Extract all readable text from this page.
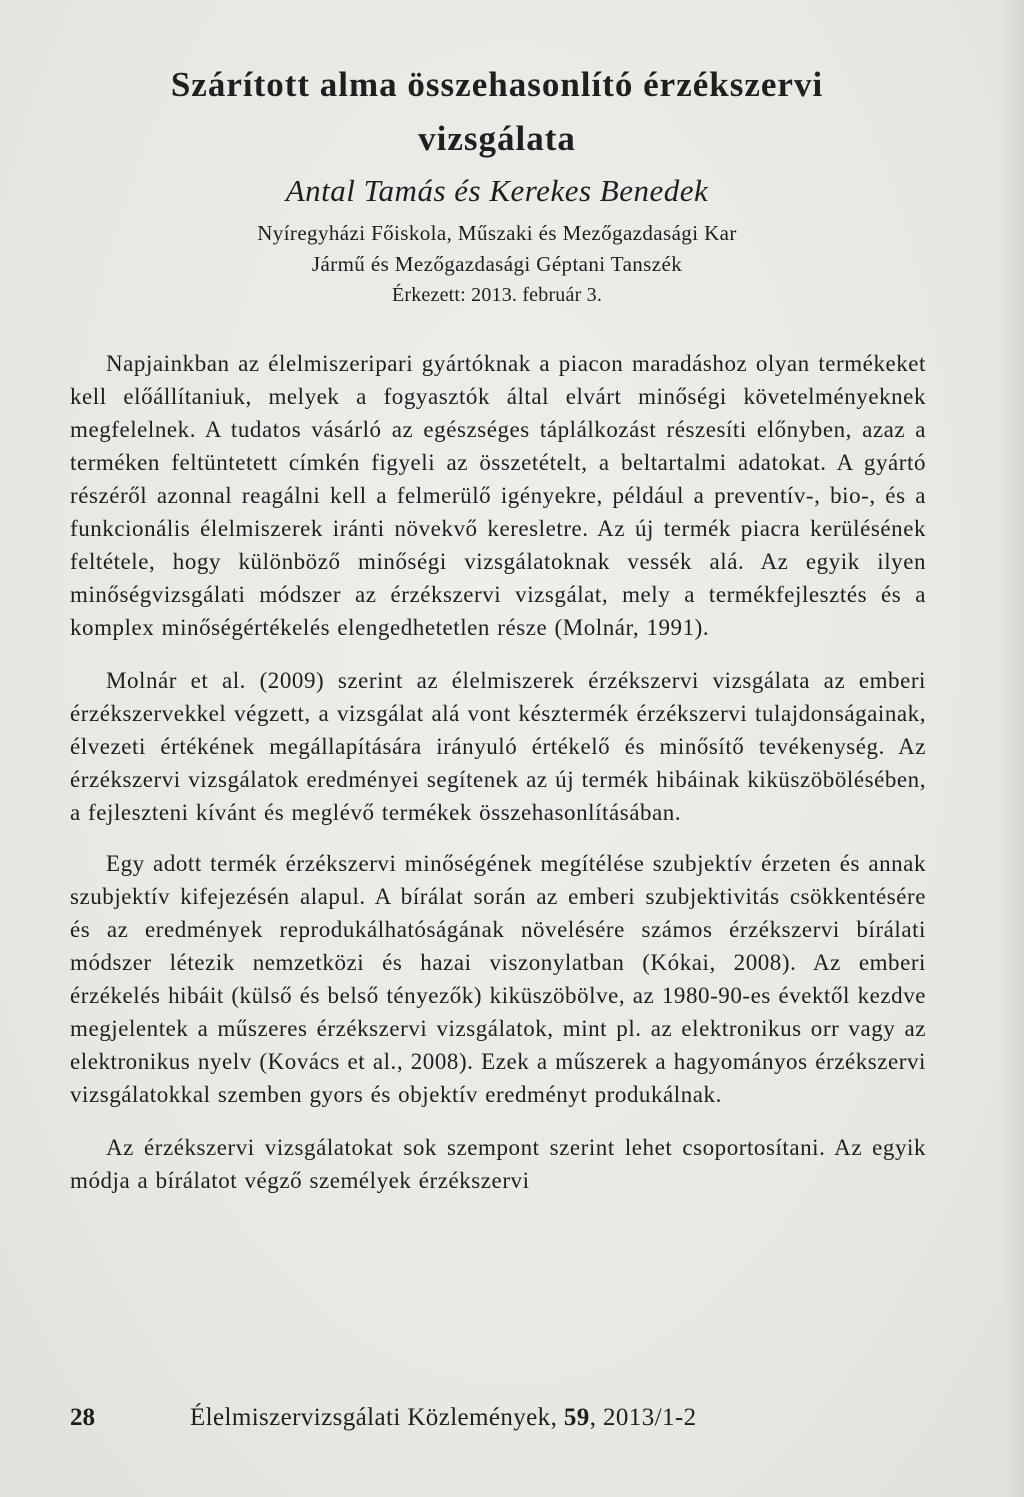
Szárított alma összehasonlító érzékszervi
vizsgálata
Antal Tamás és Kerekes Benedek
Nyíregyházi Főiskola, Műszaki és Mezőgazdasági Kar
Jármű és Mezőgazdasági Géptani Tanszék
Érkezett: 2013. február 3.

Napjainkban az élelmiszeripari gyártóknak a piacon maradáshoz olyan termékeket kell előállítaniuk, melyek a fogyasztók által elvárt minőségi követelményeknek megfelelnek. A tudatos vásárló az egészséges táplálkozást részesíti előnyben, azaz a terméken feltüntetett címkén figyeli az összetételt, a beltartalmi adatokat. A gyártó részéről azonnal reagálni kell a felmerülő igényekre, például a preventív-, bio-, és a funkcionális élelmiszerek iránti növekvő keresletre. Az új termék piacra kerülésének feltétele, hogy különböző minőségi vizsgálatoknak vessék alá. Az egyik ilyen minőségvizsgálati módszer az érzékszervi vizsgálat, mely a termékfejlesztés és a komplex minőségértékelés elengedhetetlen része (Molnár, 1991).

Molnár et al. (2009) szerint az élelmiszerek érzékszervi vizsgálata az emberi érzékszervekkel végzett, a vizsgálat alá vont késztermék érzékszervi tulajdonságainak, élvezeti értékének megállapítására irányuló értékelő és minősítő tevékenység. Az érzékszervi vizsgálatok eredményei segítenek az új termék hibáinak kiküszöbölésében, a fejleszteni kívánt és meglévő termékek összehasonlításában.

Egy adott termék érzékszervi minőségének megítélése szubjektív érzeten és annak szubjektív kifejezésén alapul. A bírálat során az emberi szubjektivitás csökkentésére és az eredmények reprodukálhatóságának növelésére számos érzékszervi bírálati módszer létezik nemzetközi és hazai viszonylatban (Kókai, 2008). Az emberi érzékelés hibáit (külső és belső tényezők) kiküszöbölve, az 1980-90-es évektől kezdve megjelentek a műszeres érzékszervi vizsgálatok, mint pl. az elektronikus orr vagy az elektronikus nyelv (Kovács et al., 2008). Ezek a műszerek a hagyományos érzékszervi vizsgálatokkal szemben gyors és objektív eredményt produkálnak.

Az érzékszervi vizsgálatokat sok szempont szerint lehet csoportosítani. Az egyik módja a bírálatot végző személyek érzékszervi

28	Élelmiszervizsgálati Közlemények, 59, 2013/1-2
